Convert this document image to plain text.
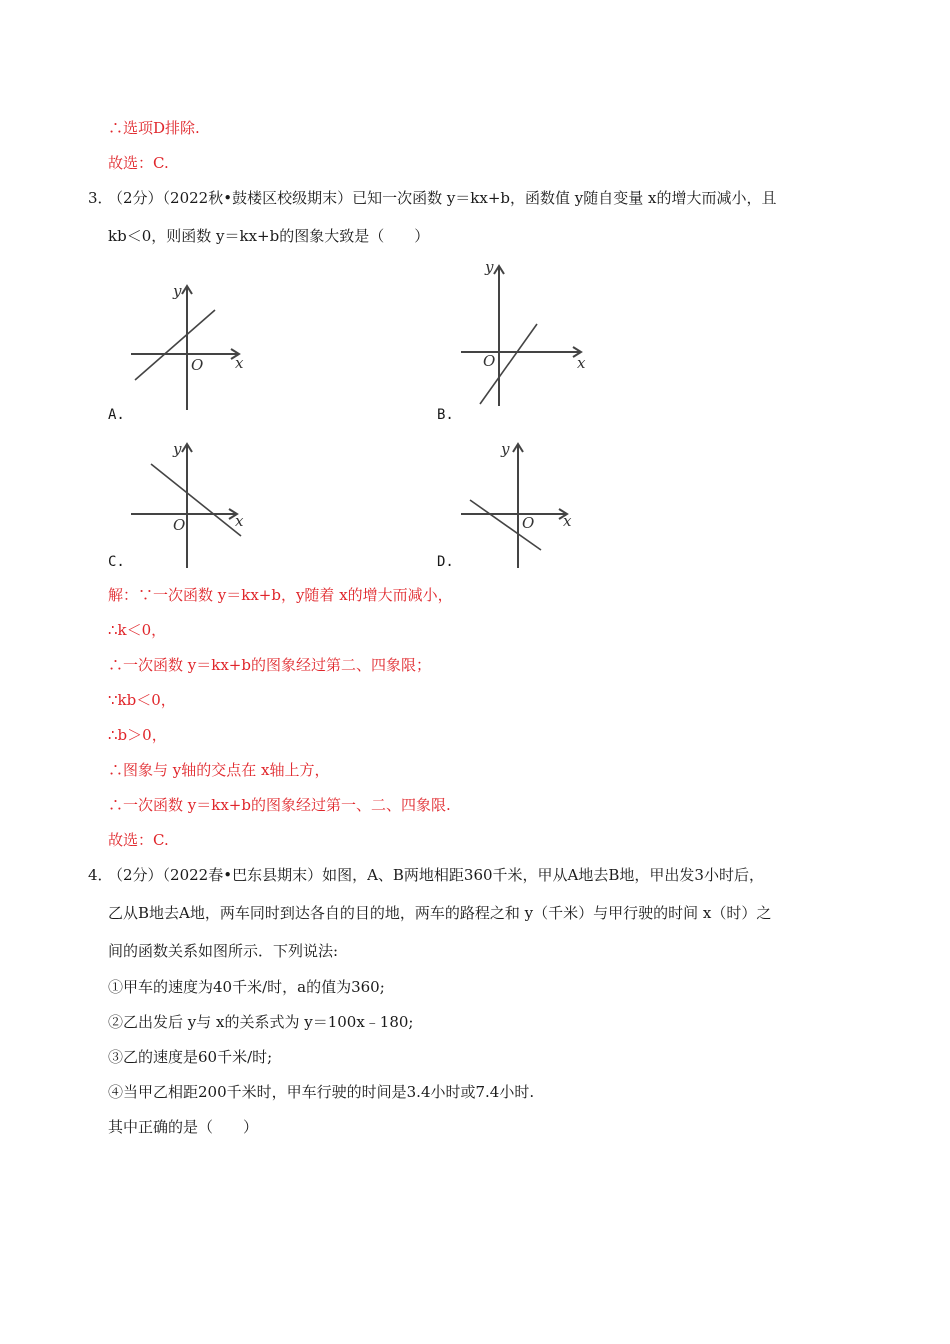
∴选项D排除.
故选：C.
3．
（2分）（2022秋•鼓楼区校级期末）已知一次函数 y＝kx+b，函数值 y随自变量 x的增大而减小，且
kb＜0，则函数 y＝kx+b的图象大致是（　　）
y
x
O
A.
y
x
O
B.
y
x
O
C.
y
x
O
D.
解：∵一次函数 y＝kx+b，y随着 x的增大而减小，
∴k＜0，
∴一次函数 y＝kx+b的图象经过第二、四象限；
∵kb＜0，
∴b＞0，
∴图象与 y轴的交点在 x轴上方，
∴一次函数 y＝kx+b的图象经过第一、二、四象限.
故选：C.
4．
（2分）（2022春•巴东县期末）如图，A、B两地相距360千米，甲从A地去B地，甲出发3小时后，
乙从B地去A地，两车同时到达各自的目的地，两车的路程之和 y（千米）与甲行驶的时间 x（时）之
间的函数关系如图所示．下列说法:
①甲车的速度为40千米/时，a的值为360;
②乙出发后 y与 x的关系式为 y＝100x﹣180;
③乙的速度是60千米/时;
④当甲乙相距200千米时，甲车行驶的时间是3.4小时或7.4小时.
其中正确的是（　　）
